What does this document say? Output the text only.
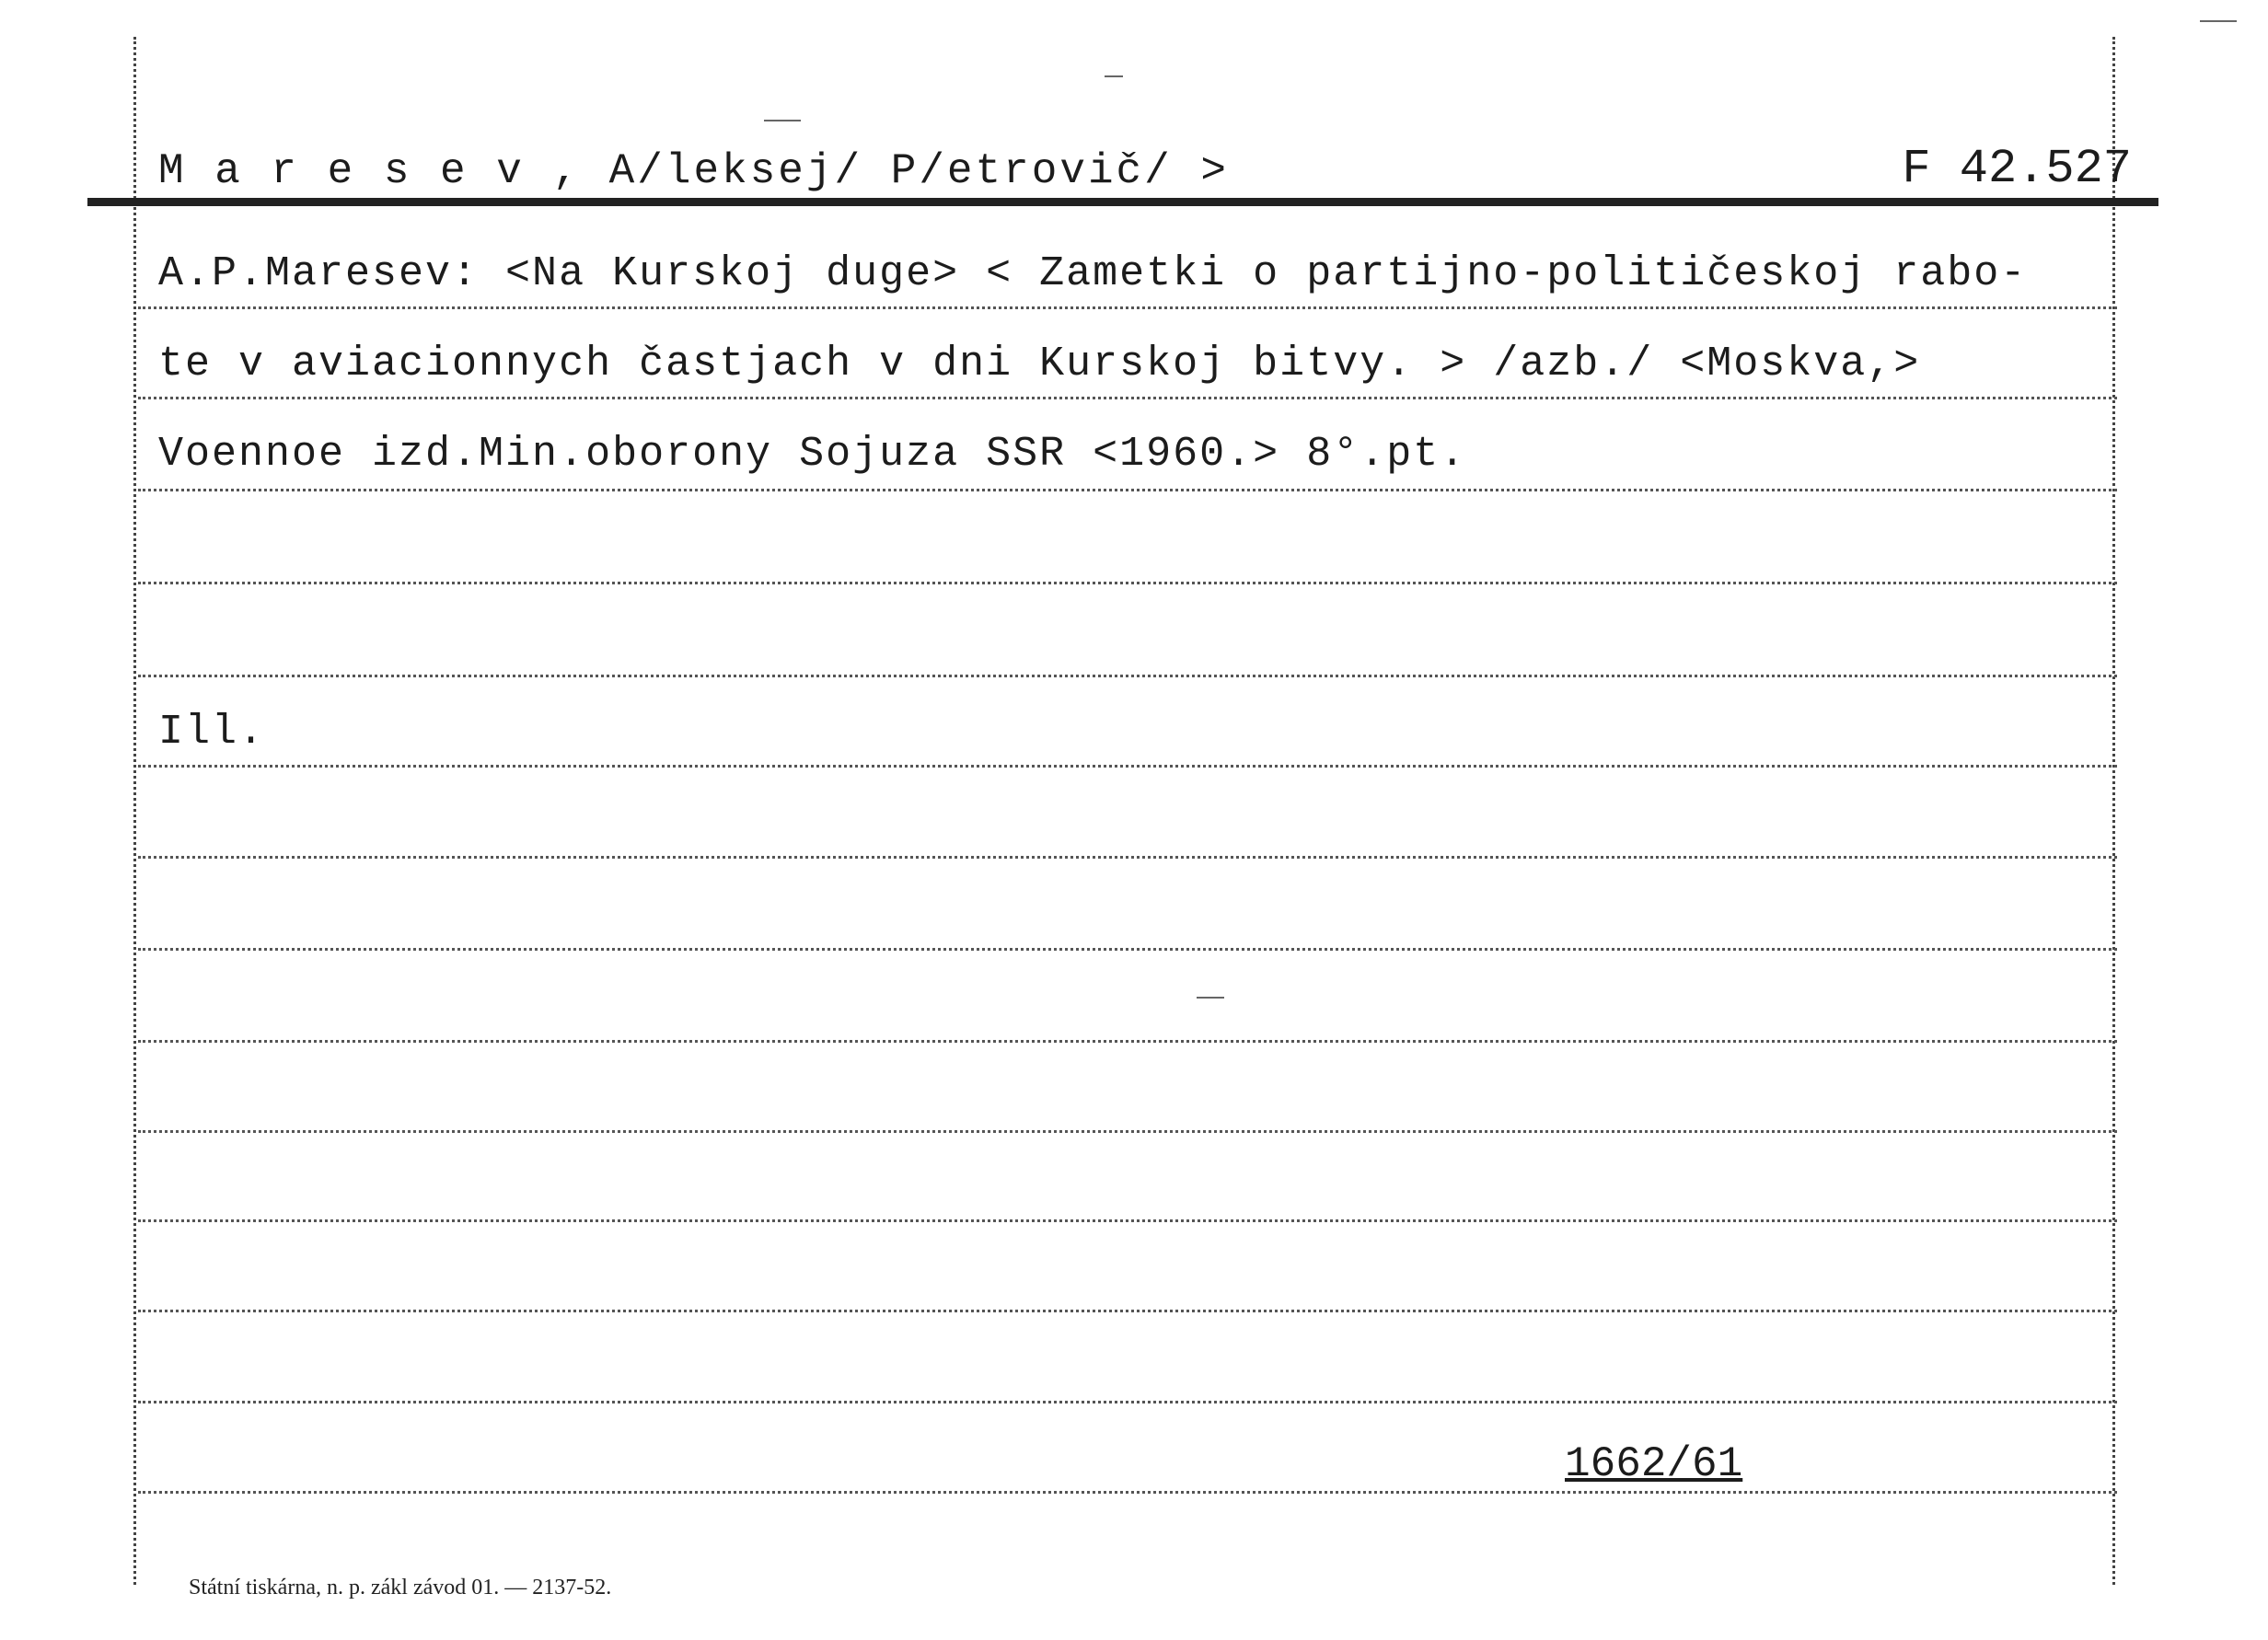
M a r e s e v , A/leksej/ P/etrovič/ >	F 42.527
A.P.Maresev: <Na Kurskoj duge> < Zametki o partijno-političeskoj rabo-
te v aviacionnych častjach v dni Kurskoj bitvy. > /azb./ <Moskva,>
Voennoe izd.Min.oborony Sojuza SSR <1960.> 8°.pt.
Ill.
1662/61
Státní tiskárna, n. p. zákl závod 01. — 2137-52.
